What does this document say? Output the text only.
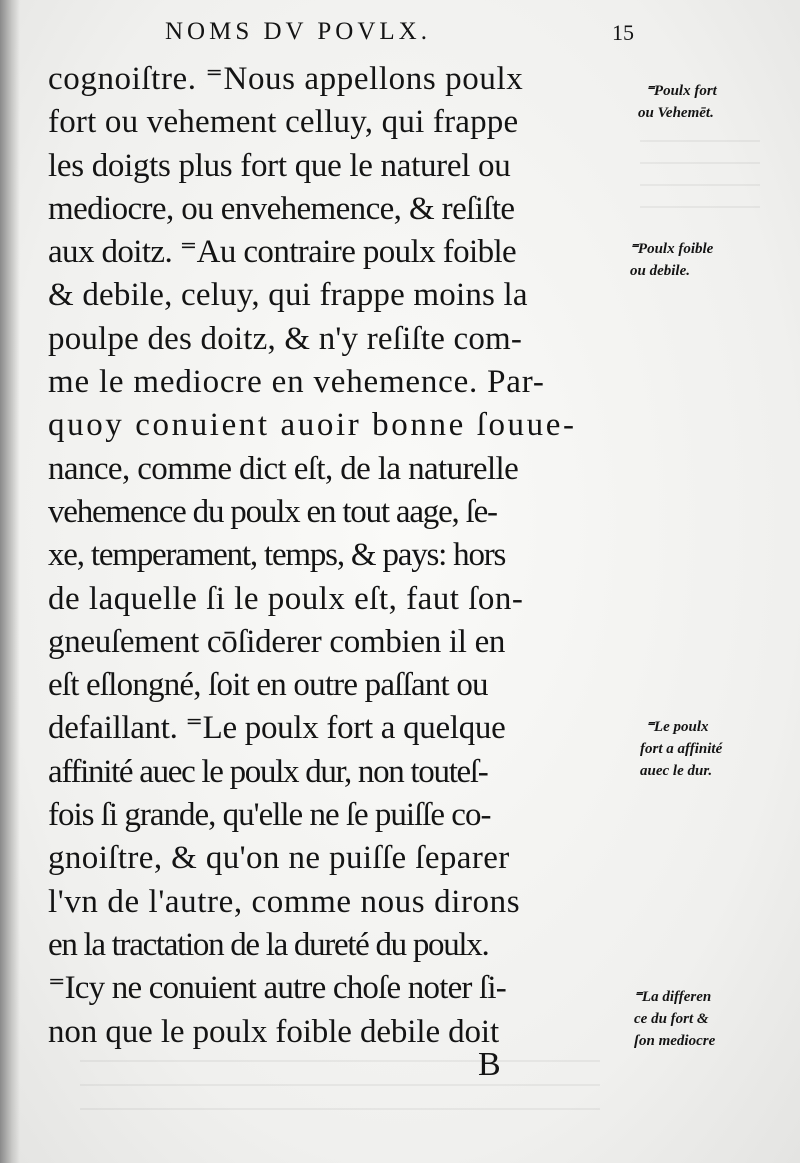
NOMS DV POVLX.	15
cognoiſtre. ⁼Nous appellons poulx
fort ou vehement celluy, qui frappe
les doigts plus fort que le naturel ou
mediocre, ou envehemence, & reſiſte
aux doitz. ⁼Au contraire poulx foible
& debile, celuy, qui frappe moins la
poulpe des doitz, & n'y reſiſte com-
me le mediocre en vehemence. Par-
quoy conuient auoir bonne ſouue-
nance, comme dict eſt, de la naturelle
vehemence du poulx en tout aage, ſe-
xe, temperament, temps, & pays: hors
de laquelle ſi le poulx eſt, faut ſon-
gneuſement cōſiderer combien il en
eſt eſlongné, ſoit en outre paſſant ou
defaillant. ⁼Le poulx fort a quelque
affinité auec le poulx dur, non touteſ-
fois ſi grande, qu'elle ne ſe puiſſe co-
gnoiſtre, & qu'on ne puiſſe ſeparer
l'vn de l'autre, comme nous dirons
en la tractation de la dureté du poulx.
⁼Icy ne conuient autre choſe noter ſi-
non que le poulx foible debile doit
⁼Poulx fort
ou Vehemēt.
⁼Poulx foible
ou debile.
⁼Le poulx
fort a affinité
auec le dur.
⁼La differen
ce du fort &
ſon mediocre
B
